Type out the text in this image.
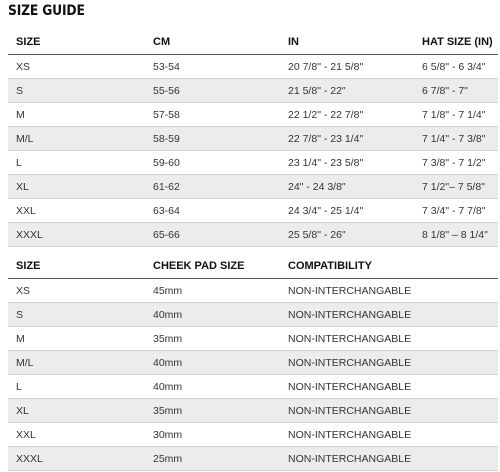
SIZE GUIDE
SIZE	CM	IN	HAT SIZE (IN)
XS	53-54	20 7/8" - 21 5/8"	6 5/8" - 6 3/4"
S	55-56	21 5/8" - 22"	6 7/8" - 7"
M	57-58	22 1/2" - 22 7/8"	7 1/8" - 7 1/4"
M/L	58-59	22 7/8" - 23 1/4"	7 1/4" - 7 3/8"
L	59-60	23 1/4" - 23 5/8"	7 3/8" - 7 1/2"
XL	61-62	24" - 24 3/8"	7 1/2"– 7 5/8"
XXL	63-64	24 3/4" - 25 1/4"	7 3/4" - 7 7/8"
XXXL	65-66	25 5/8" - 26"	8 1/8" – 8 1/4"
SIZE	CHEEK PAD SIZE	COMPATIBILITY
XS	45mm	NON-INTERCHANGABLE
S	40mm	NON-INTERCHANGABLE
M	35mm	NON-INTERCHANGABLE
M/L	40mm	NON-INTERCHANGABLE
L	40mm	NON-INTERCHANGABLE
XL	35mm	NON-INTERCHANGABLE
XXL	30mm	NON-INTERCHANGABLE
XXXL	25mm	NON-INTERCHANGABLE
